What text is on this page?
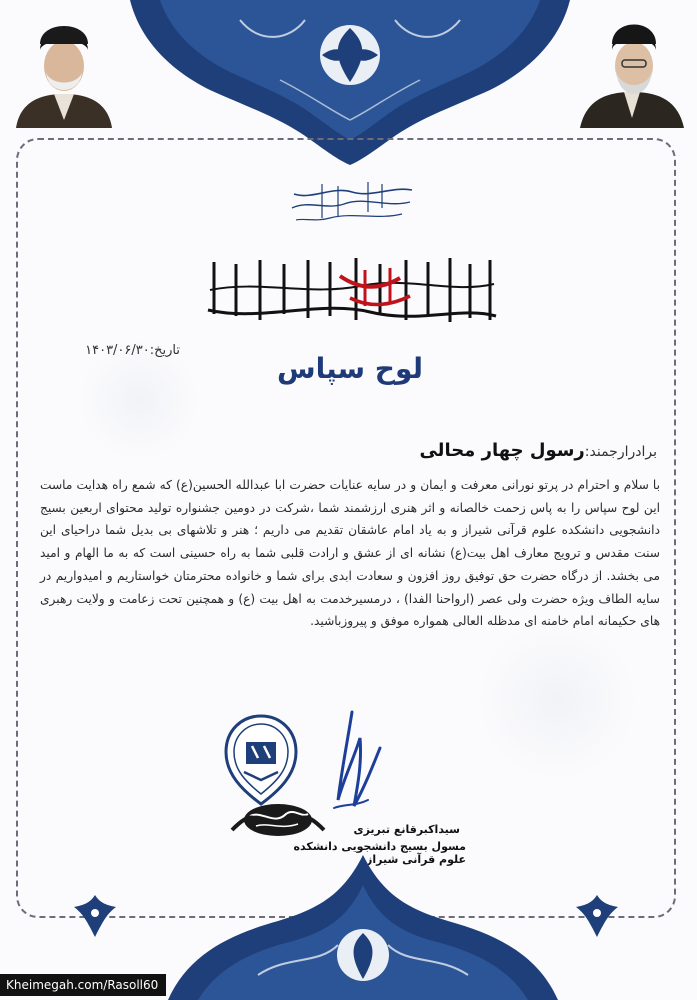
تاریخ:۱۴۰۳/۰۶/۳۰
لوح سپاس
برادرارجمند:رسول چهار محالی
با سلام و احترام در پرتو نورانی معرفت و ایمان و در سایه عنایات حضرت ابا عبدالله الحسین(ع) که شمع راه هدایت ماست این لوح سپاس را به پاس زحمت خالصانه و اثر هنری ارزشمند شما ،شرکت در دومین جشنواره تولید محتوای اربعین بسیج دانشجویی دانشکده علوم قرآنی شیراز و به یاد امام عاشقان تقدیم می داریم ؛ هنر و تلاشهای بی بدیل شما دراحیای این سنت مقدس و ترویج معارف اهل بیت(ع) نشانه ای از عشق و ارادت قلبی شما به راه حسینی است که به ما الهام و امید می بخشد. از درگاه حضرت حق توفیق روز افزون و سعادت ابدی برای شما و خانواده محترمتان خواستاریم و امیدواریم در سایه الطاف ویژه حضرت ولی عصر (ارواحنا الفدا) ، درمسیرخدمت به اهل بیت (ع) و همچنین تحت زعامت و ولایت رهبری های حکیمانه امام خامنه ای مدظله العالی همواره موفق و پیروزباشید.
سیداکبرقانع تبریزی
مسول بسیج دانشجویی دانشکده علوم قرآنی شیراز
Kheimegah.com/Rasoll60
